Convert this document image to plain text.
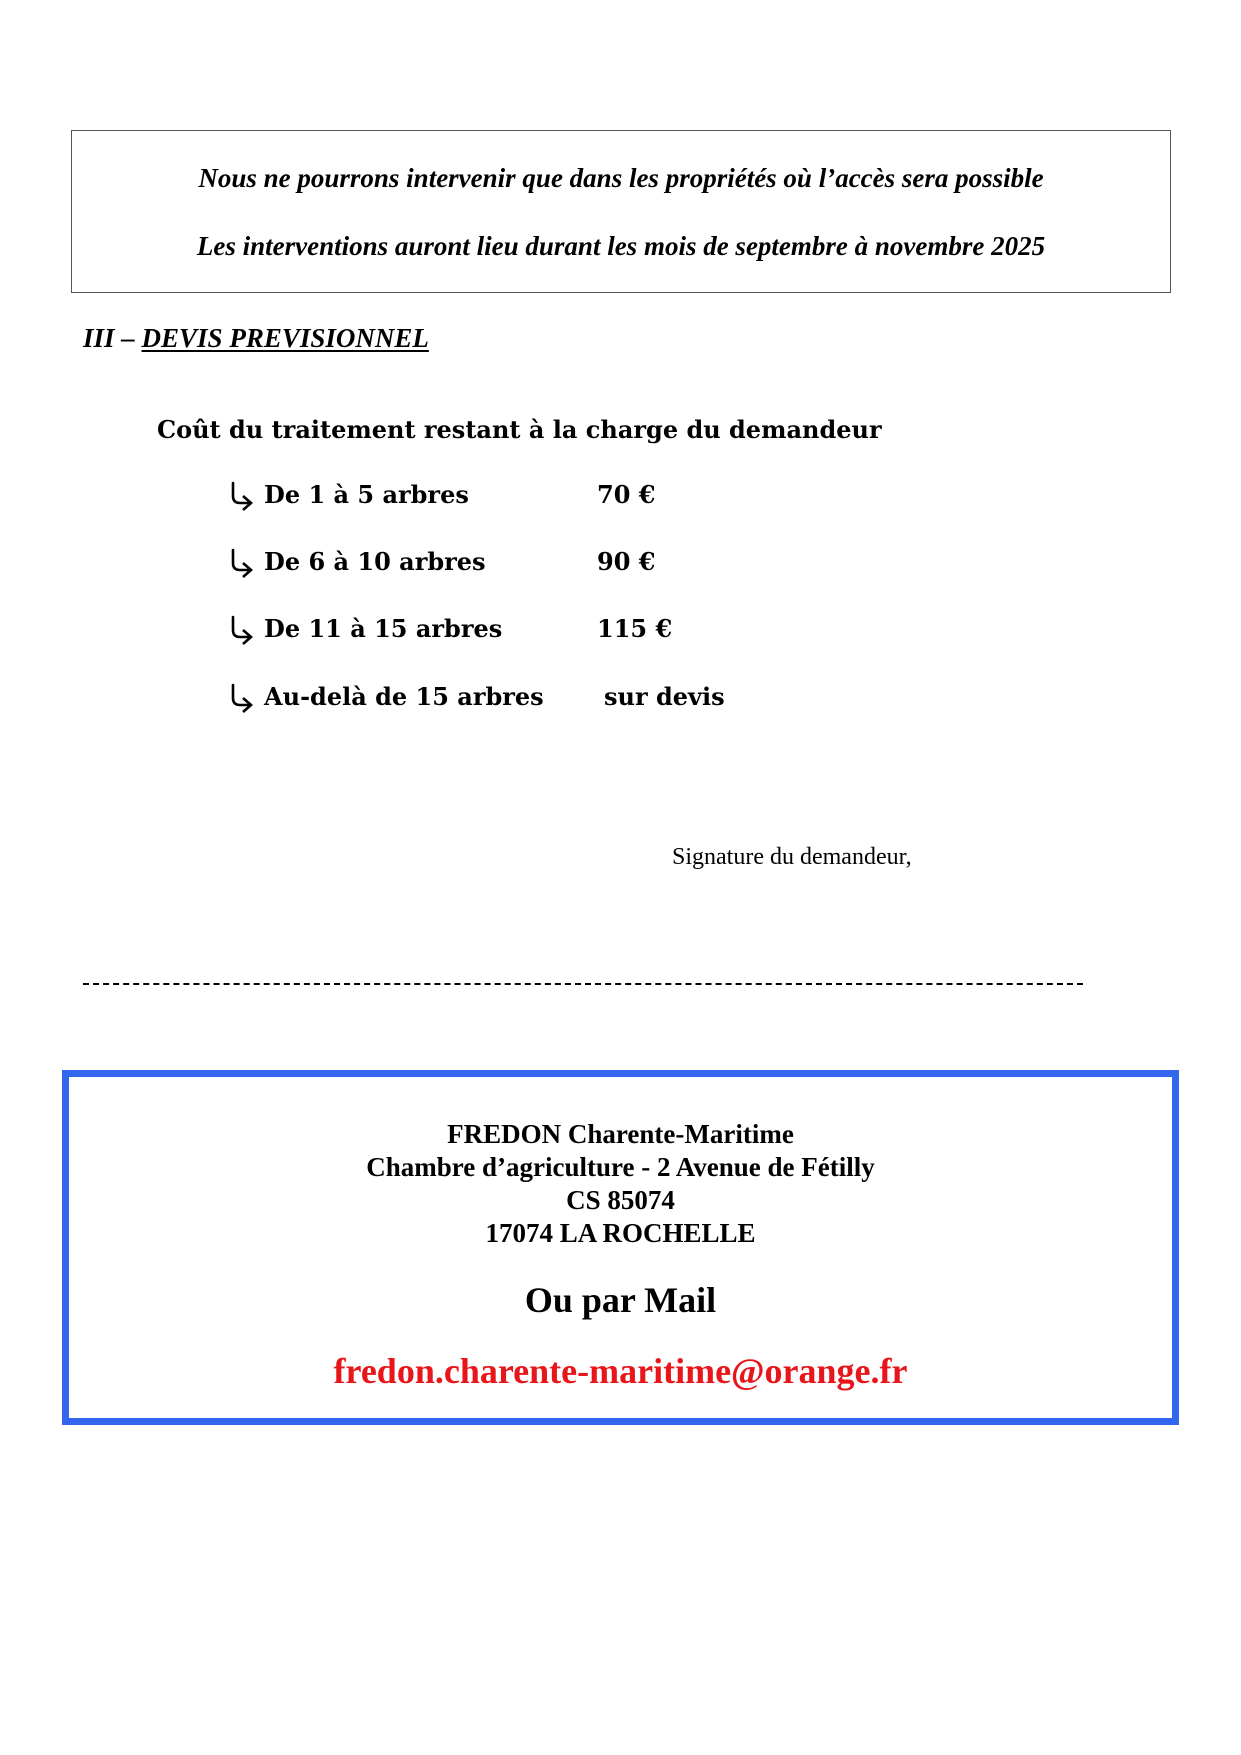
Nous ne pourrons intervenir que dans les propriétés où l’accès sera possible
Les interventions auront lieu durant les mois de septembre à novembre 2025
III – DEVIS PREVISIONNEL
Coût du traitement restant à la charge du demandeur
De 1 à 5 arbres	70 €
De 6 à 10 arbres	90 €
De 11 à 15 arbres	115 €
Au-delà de 15 arbres	sur devis
Signature du demandeur,
FREDON Charente-Maritime
Chambre d’agriculture - 2 Avenue de Fétilly
CS 85074
17074 LA ROCHELLE
Ou par Mail
fredon.charente-maritime@orange.fr
